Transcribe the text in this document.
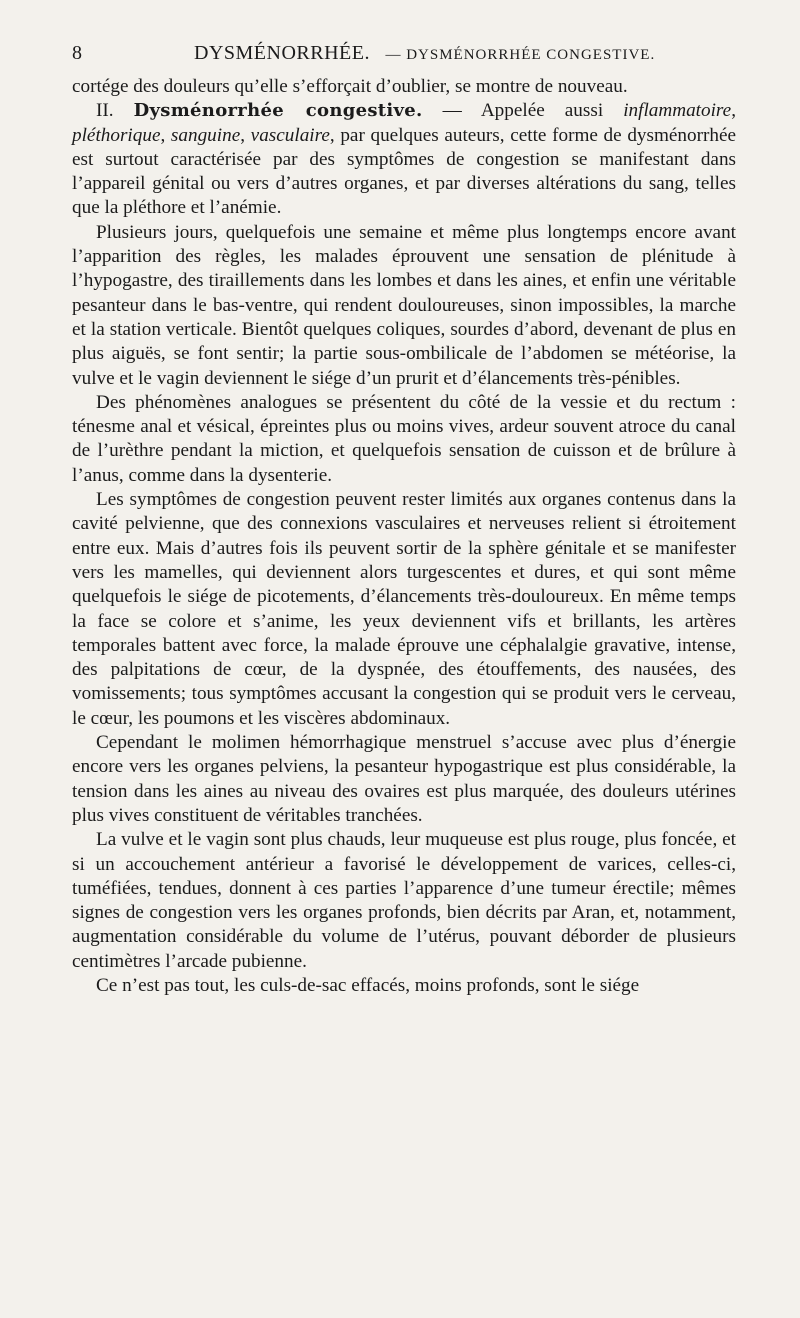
8	DYSMÉNORRHÉE. — DYSMÉNORRHÉE CONGESTIVE.

cortége des douleurs qu’elle s’efforçait d’oublier, se montre de nouveau.

II. Dysménorrhée congestive. — Appelée aussi inflammatoire, pléthorique, sanguine, vasculaire, par quelques auteurs, cette forme de dysménorrhée est surtout caractérisée par des symptômes de congestion se manifestant dans l’appareil génital ou vers d’autres organes, et par diverses altérations du sang, telles que la pléthore et l’anémie.

Plusieurs jours, quelquefois une semaine et même plus longtemps encore avant l’apparition des règles, les malades éprouvent une sensation de plénitude à l’hypogastre, des tiraillements dans les lombes et dans les aines, et enfin une véritable pesanteur dans le bas-ventre, qui rendent douloureuses, sinon impossibles, la marche et la station verticale. Bientôt quelques coliques, sourdes d’abord, devenant de plus en plus aiguës, se font sentir; la partie sous-ombilicale de l’abdomen se météorise, la vulve et le vagin deviennent le siége d’un prurit et d’élancements très-pénibles.

Des phénomènes analogues se présentent du côté de la vessie et du rectum : ténesme anal et vésical, épreintes plus ou moins vives, ardeur souvent atroce du canal de l’urèthre pendant la miction, et quelquefois sensation de cuisson et de brûlure à l’anus, comme dans la dysenterie.

Les symptômes de congestion peuvent rester limités aux organes contenus dans la cavité pelvienne, que des connexions vasculaires et nerveuses relient si étroitement entre eux. Mais d’autres fois ils peuvent sortir de la sphère génitale et se manifester vers les mamelles, qui deviennent alors turgescentes et dures, et qui sont même quelquefois le siége de picotements, d’élancements très-douloureux. En même temps la face se colore et s’anime, les yeux deviennent vifs et brillants, les artères temporales battent avec force, la malade éprouve une céphalalgie gravative, intense, des palpitations de cœur, de la dyspnée, des étouffements, des nausées, des vomissements; tous symptômes accusant la congestion qui se produit vers le cerveau, le cœur, les poumons et les viscères abdominaux.

Cependant le molimen hémorrhagique menstruel s’accuse avec plus d’énergie encore vers les organes pelviens, la pesanteur hypogastrique est plus considérable, la tension dans les aines au niveau des ovaires est plus marquée, des douleurs utérines plus vives constituent de véritables tranchées.

La vulve et le vagin sont plus chauds, leur muqueuse est plus rouge, plus foncée, et si un accouchement antérieur a favorisé le développement de varices, celles-ci, tuméfiées, tendues, donnent à ces parties l’apparence d’une tumeur érectile; mêmes signes de congestion vers les organes profonds, bien décrits par Aran, et, notamment, augmentation considérable du volume de l’utérus, pouvant déborder de plusieurs centimètres l’arcade pubienne.

Ce n’est pas tout, les culs-de-sac effacés, moins profonds, sont le siége
